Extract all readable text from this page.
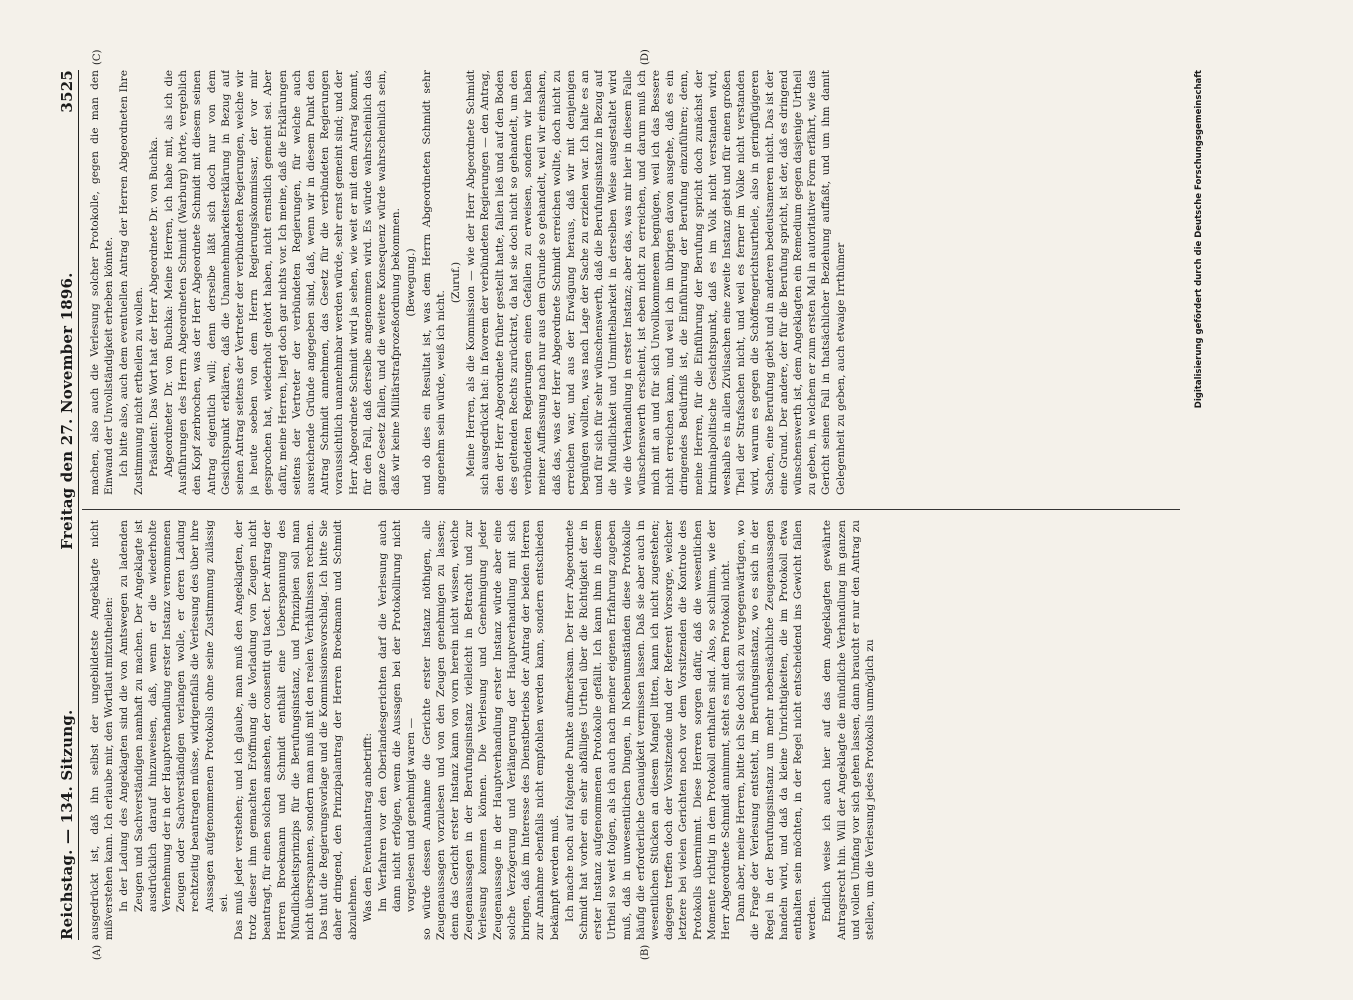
Reichstag. — 134. Sitzung.
Freitag den 27. November 1896.
3525
(A)	(B)
(C)	(D)

ausgedrückt ist, daß ihn selbst der ungebildetste Angeklagte nicht mißverstehen kann. Ich erlaube mir, den Wortlaut mitzutheilen: In der Ladung des Angeklagten sind die von Amtswegen zu ladenden Zeugen und Sachverständigen namhaft zu machen. Der Angeklagte ist ausdrücklich darauf hinzuweisen, daß, wenn er die wiederholte Vernehmung der in der Hauptverhandlung erster Instanz vernommenen Zeugen oder Sachverständigen verlangen wolle, er deren Ladung rechtzeitig beantragen müsse, widrigenfalls die Verlesung des über ihre Aussagen aufgenommenen Protokolls ohne seine Zustimmung zulässig sei. Das muß jeder verstehen; und ich glaube, man muß den Angeklagten, der trotz dieser ihm gemachten Eröffnung die Vorladung von Zeugen nicht beantragt, für einen solchen ansehen, der consentit qui tacet. Der Antrag der Herren Broekmann und Schmidt enthält eine Ueberspannung des Mündlichkeitsprinzips für die Berufungsinstanz, und Prinzipien soll man nicht überspannen, sondern man muß mit den realen Verhältnissen rechnen. Das thut die Regierungsvorlage und die Kommissionsvorschlag. Ich bitte Sie daher dringend, den Prinzipalantrag der Herren Broekmann und Schmidt abzulehnen. Was den Eventualantrag anbetrifft: Im Verfahren vor den Oberlandesgerichten darf die Verlesung auch dann nicht erfolgen, wenn die Aussagen bei der Protokollirung nicht vorgelesen und genehmigt waren — so würde dessen Annahme die Gerichte erster Instanz nöthigen, alle Zeugenaussagen vorzulesen und von den Zeugen genehmigen zu lassen; denn das Gericht erster Instanz kann von vorn herein nicht wissen, welche Zeugenaussagen in der Berufungsinstanz vielleicht in Betracht und zur Verlesung kommen können. Die Verlesung und Genehmigung jeder Zeugenaussage in der Hauptverhandlung erster Instanz würde aber eine solche Verzögerung und Verlängerung der Hauptverhandlung mit sich bringen, daß im Interesse des Dienstbetriebs der Antrag der beiden Herren zur Annahme ebenfalls nicht empfohlen werden kann, sondern entschieden bekämpft werden muß. Ich mache noch auf folgende Punkte aufmerksam. Der Herr Abgeordnete Schmidt hat vorher ein sehr abfälliges Urtheil über die Richtigkeit der in erster Instanz aufgenommenen Protokolle gefällt. Ich kann ihm in diesem Urtheil so weit folgen, als ich auch nach meiner eigenen Erfahrung zugeben muß, daß in unwesentlichen Dingen, in Nebenumständen diese Protokolle häufig die erforderliche Genauigkeit vermissen lassen. Daß sie aber auch in wesentlichen Stücken an diesem Mangel litten, kann ich nicht zugestehen; dagegen treffen doch der Vorsitzende und der Referent Vorsorge, welcher letztere bei vielen Gerichten noch vor dem Vorsitzenden die Kontrole des Protokolls übernimmt. Diese Herren sorgen dafür, daß die wesentlichen Momente richtig in dem Protokoll enthalten sind. Also, so schlimm, wie der Herr Abgeordnete Schmidt annimmt, steht es mit dem Protokoll nicht. Dann aber, meine Herren, bitte ich Sie doch sich zu vergegenwärtigen, wo die Frage der Verlesung entsteht, im Berufungsinstanz, wo es sich in der Regel in der Berufungsinstanz um mehr nebensächliche Zeugenaussagen handeln wird, und daß da kleine Unrichtigkeiten, die im Protokoll etwa enthalten sein möchten, in der Regel nicht entscheidend ins Gewicht fallen werden. Endlich weise ich auch hier auf das dem Angeklagten gewährte Antragsrecht hin. Will der Angeklagte die mündliche Verhandlung im ganzen und vollen Umfang vor sich gehen lassen, dann braucht er nur den Antrag zu stellen, um die Verlesung jedes Protokolls unmöglich zu

machen, also auch die Verlesung solcher Protokolle, gegen die man den Einwand der Unvollständigkeit erheben könnte. Ich bitte also, auch dem eventuellen Antrag der Herren Abgeordneten Ihre Zustimmung nicht ertheilen zu wollen. Präsident: Das Wort hat der Herr Abgeordnete Dr. von Buchka. Abgeordneter Dr. von Buchka: Meine Herren, ich habe mit, als ich die Ausführungen des Herrn Abgeordneten Schmidt (Warburg) hörte, vergeblich den Kopf zerbrochen, was der Herr Abgeordnete Schmidt mit diesem seinen Antrag eigentlich will; denn derselbe läßt sich doch nur von dem Gesichtspunkt erklären, daß die Unannehmbarkeitserklärung in Bezug auf seinen Antrag seitens der Vertreter der verbündeten Regierungen, welche wir ja heute soeben von dem Herrn Regierungskommissar, der vor mir gesprochen hat, wiederholt gehört haben, nicht ernstlich gemeint sei. Aber dafür, meine Herren, liegt doch gar nichts vor. Ich meine, daß die Erklärungen seitens der Vertreter der verbündeten Regierungen, für welche auch ausreichende Gründe angegeben sind, daß, wenn wir in diesem Punkt den Antrag Schmidt annehmen, das Gesetz für die verbündeten Regierungen voraussichtlich unannehmbar werden würde, sehr ernst gemeint sind; und der Herr Abgeordnete Schmidt wird ja sehen, wie weit er mit dem Antrag kommt, für den Fall, daß derselbe angenommen wird. Es würde wahrscheinlich das ganze Gesetz fallen, und die weitere Konsequenz würde wahrscheinlich sein, daß wir keine Militärstrafprozeßordnung bekommen. (Bewegung.) und ob dies ein Resultat ist, was dem Herrn Abgeordneten Schmidt sehr angenehm sein würde, weiß ich nicht.

(Zuruf.) Meine Herren, als die Kommission — wie der Herr Abgeordnete Schmidt sich ausgedrückt hat: in favorem der verbündeten Regierungen — den Antrag, den der Herr Abgeordnete früher gestellt hatte, fallen ließ und auf den Boden des geltenden Rechts zurücktrat, da hat sie doch nicht so gehandelt, um den verbündeten Regierungen einen Gefallen zu erweisen, sondern wir haben meiner Auffassung nach nur aus dem Grunde so gehandelt, weil wir einsahen, daß das, was der Herr Abgeordnete Schmidt erreichen wollte, doch nicht zu erreichen war, und aus der Erwägung heraus, daß wir mit denjenigen begnügen wollten, was nach Lage der Sache zu erzielen war. Ich halte es an und für sich für sehr wünschenswerth, daß die Berufungsinstanz in Bezug auf die Mündlichkeit und Unmittelbarkeit in derselben Weise ausgestaltet wird wie die Verhandlung in erster Instanz; aber das, was mir hier in diesem Falle wünschenswerth erscheint, ist eben nicht zu erreichen, und darum muß ich mich mit an und für sich Unvollkommenem begnügen, weil ich das Bessere nicht erreichen kann, und weil ich im übrigen davon ausgehe, daß es ein dringendes Bedürfniß ist, die Einführung der Berufung einzuführen; denn, meine Herren, für die Einführung der Berufung spricht doch zunächst der kriminalpolitische Gesichtspunkt, daß es im Volk nicht verstanden wird, weshalb es in allen Zivilsachen eine zweite Instanz giebt und für einen großen Theil der Strafsachen nicht, und weil es ferner im Volke nicht verstanden wird, warum es gegen die Schöffengerichtsurtheile, also in geringfügigeren Sachen, eine Berufung giebt und in anderen bedeutsameren nicht. Das ist der eine Grund. Der andere, der für die Berufung spricht, ist der, daß es dringend wünschenswerth ist, dem Angeklagten ein Remedium gegen dasjenige Urtheil zu geben, in welchem er zum ersten Mal in autoritativer Form erfährt, wie das Gericht seinen Fall in thatsächlicher Beziehung auffaßt, und um ihm damit Gelegenheit zu geben, auch etwaige Irrthümer	Digitalisierung gefördert durch die Deutsche Forschungsgemeinschaft
